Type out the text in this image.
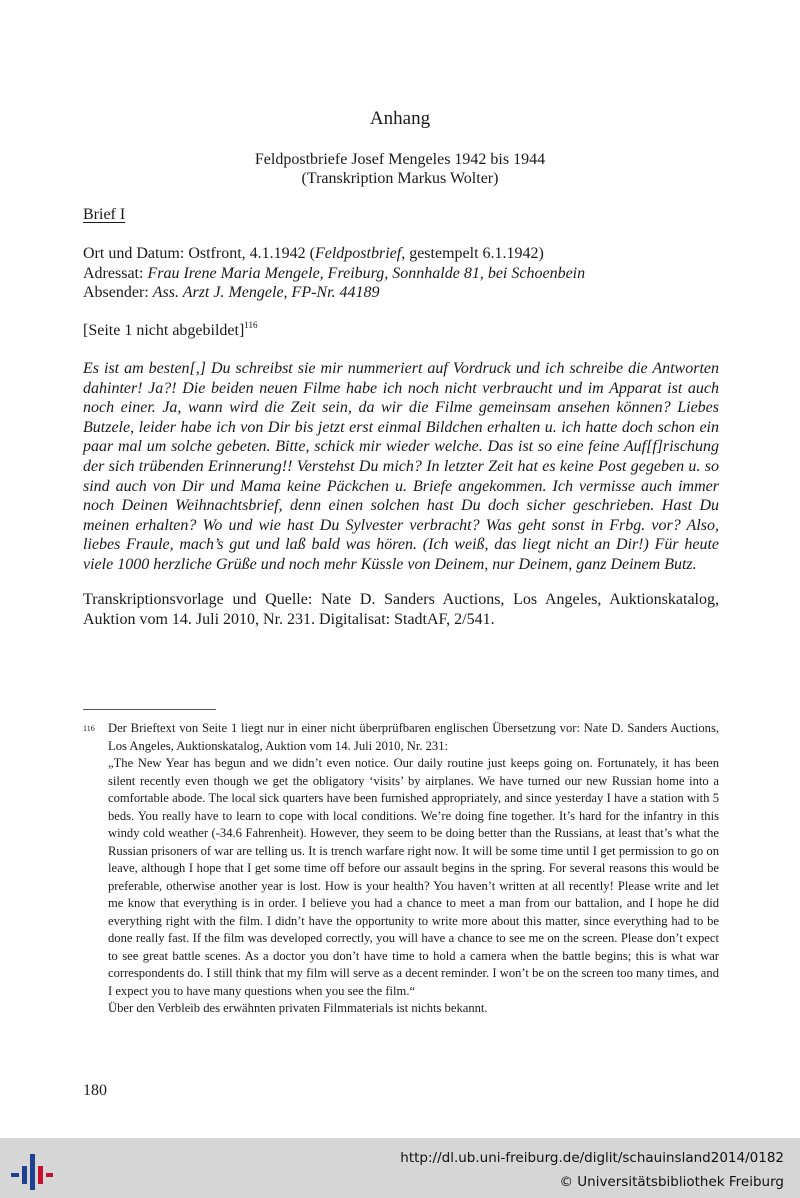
Anhang
Feldpostbriefe Josef Mengeles 1942 bis 1944
(Transkription Markus Wolter)
Brief I
Ort und Datum: Ostfront, 4.1.1942 (Feldpostbrief, gestempelt 6.1.1942)
Adressat: Frau Irene Maria Mengele, Freiburg, Sonnhalde 81, bei Schoenbein
Absender: Ass. Arzt J. Mengele, FP-Nr. 44189
[Seite 1 nicht abgebildet]$^{116}$

Es ist am besten[,] Du schreibst sie mir nummeriert auf Vordruck und ich schreibe die Antworten dahinter! Ja?! Die beiden neuen Filme habe ich noch nicht verbraucht und im Apparat ist auch noch einer. Ja, wann wird die Zeit sein, da wir die Filme gemeinsam ansehen können? Liebes Butzele, leider habe ich von Dir bis jetzt erst einmal Bildchen erhalten u. ich hatte doch schon ein paar mal um solche gebeten. Bitte, schick mir wieder welche. Das ist so eine feine Auf[f]rischung der sich trübenden Erinnerung!! Verstehst Du mich? In letzter Zeit hat es keine Post gegeben u. so sind auch von Dir und Mama keine Päckchen u. Briefe angekommen. Ich vermisse auch immer noch Deinen Weihnachtsbrief, denn einen solchen hast Du doch sicher geschrieben. Hast Du meinen erhalten? Wo und wie hast Du Sylvester verbracht? Was geht sonst in Frbg. vor? Also, liebes Fraule, mach’s gut und laß bald was hören. (Ich weiß, das liegt nicht an Dir!) Für heute viele 1000 herzliche Grüße und noch mehr Küssle von Deinem, nur Deinem, ganz Deinem Butz.

Transkriptionsvorlage und Quelle: Nate D. Sanders Auctions, Los Angeles, Auktionskatalog, Auktion vom 14. Juli 2010, Nr. 231. Digitalisat: StadtAF, 2/541.

116 Der Brieftext von Seite 1 liegt nur in einer nicht überprüfbaren englischen Übersetzung vor: Nate D. Sanders Auctions, Los Angeles, Auktionskatalog, Auktion vom 14. Juli 2010, Nr. 231:

„The New Year has begun and we didn’t even notice. Our daily routine just keeps going on. Fortunately, it has been silent recently even though we get the obligatory ‘visits’ by airplanes. We have turned our new Russian home into a comfortable abode. The local sick quarters have been furnished appropriately, and since yesterday I have a station with 5 beds. You really have to learn to cope with local conditions. We’re doing fine together. It’s hard for the infantry in this windy cold weather (-34.6 Fahrenheit). However, they seem to be doing better than the Russians, at least that’s what the Russian prisoners of war are telling us. It is trench warfare right now. It will be some time until I get permission to go on leave, although I hope that I get some time off before our assault begins in the spring. For several reasons this would be preferable, otherwise another year is lost. How is your health? You haven’t written at all recently! Please write and let me know that everything is in order. I believe you had a chance to meet a man from our battalion, and I hope he did everything right with the film. I didn’t have the opportunity to write more about this matter, since everything had to be done really fast. If the film was developed correctly, you will have a chance to see me on the screen. Please don’t expect to see great battle scenes. As a doctor you don’t have time to hold a camera when the battle begins; this is what war correspondents do. I still think that my film will serve as a decent reminder. I won’t be on the screen too many times, and I expect you to have many questions when you see the film.“

Über den Verbleib des erwähnten privaten Filmmaterials ist nichts bekannt.

180
http://dl.ub.uni-freiburg.de/diglit/schauinsland2014/0182
© Universitätsbibliothek Freiburg
